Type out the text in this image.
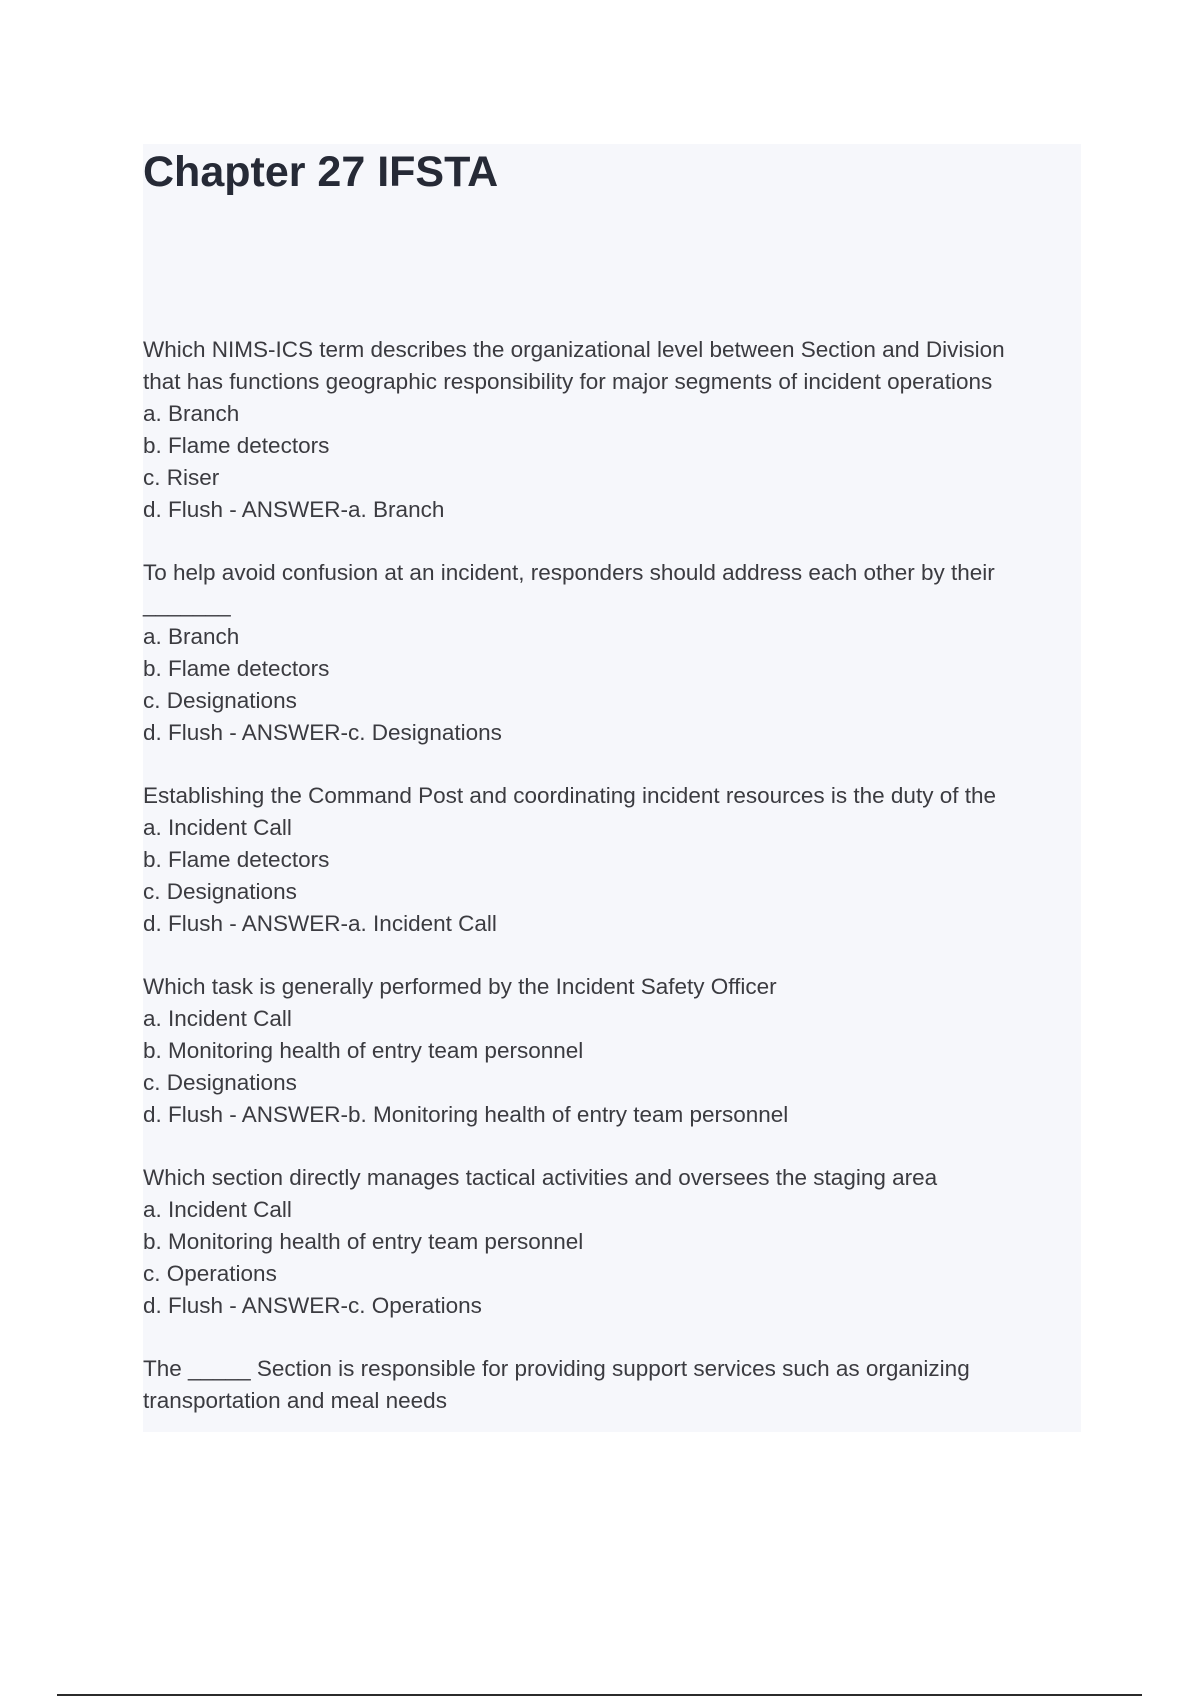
Chapter 27 IFSTA
Which NIMS-ICS term describes the organizational level between Section and Division
that has functions geographic responsibility for major segments of incident operations
a. Branch
b. Flame detectors
c. Riser
d. Flush - ANSWER-a. Branch
To help avoid confusion at an incident, responders should address each other by their
_______
a. Branch
b. Flame detectors
c. Designations
d. Flush - ANSWER-c. Designations
Establishing the Command Post and coordinating incident resources is the duty of the
a. Incident Call
b. Flame detectors
c. Designations
d. Flush - ANSWER-a. Incident Call
Which task is generally performed by the Incident Safety Officer
a. Incident Call
b. Monitoring health of entry team personnel
c. Designations
d. Flush - ANSWER-b. Monitoring health of entry team personnel
Which section directly manages tactical activities and oversees the staging area
a. Incident Call
b. Monitoring health of entry team personnel
c. Operations
d. Flush - ANSWER-c. Operations
The _____ Section is responsible for providing support services such as organizing
transportation and meal needs
